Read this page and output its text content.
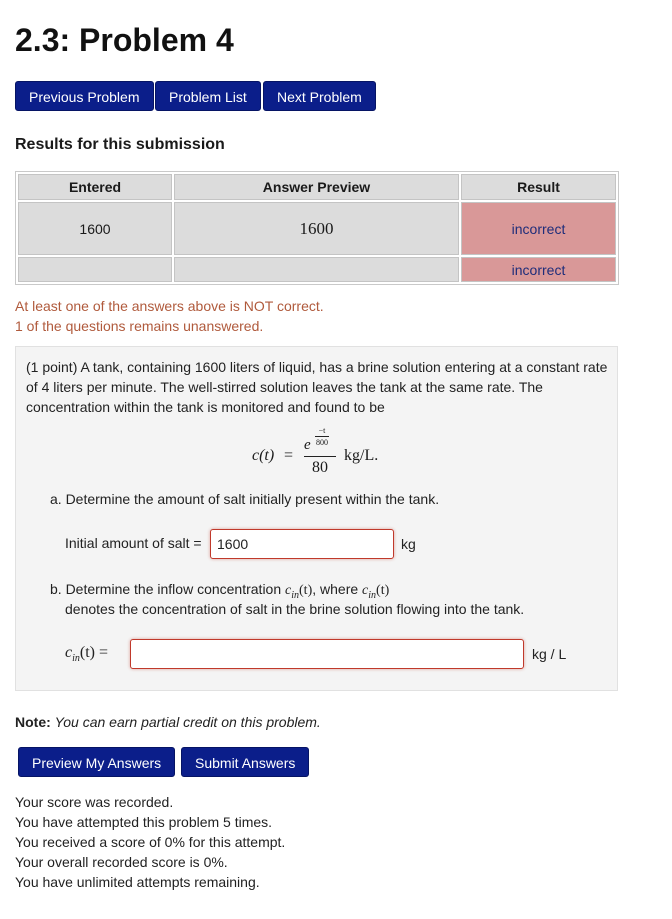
2.3: Problem 4
Previous Problem	Problem List	Next Problem
Results for this submission
Entered	Answer Preview	Result
1600	1600	incorrect
		incorrect
At least one of the answers above is NOT correct.
1 of the questions remains unanswered.
(1 point) A tank, containing 1600 liters of liquid, has a brine solution entering at a constant rate of 4 liters per minute. The well-stirred solution leaves the tank at the same rate. The concentration within the tank is monitored and found to be
c(t) =
e
−t
800
80
kg/L.
a. Determine the amount of salt initially present within the tank.
Initial amount of salt =
1600	kg
b. Determine the inflow concentration $c_{in}(t)$, where $c_{in}(t)$
denotes the concentration of salt in the brine solution flowing into the tank.
$c_{in}(t)$ =	kg / L
Note: You can earn partial credit on this problem.
Preview My Answers	Submit Answers
Your score was recorded.
You have attempted this problem 5 times.
You received a score of 0% for this attempt.
Your overall recorded score is 0%.
You have unlimited attempts remaining.
